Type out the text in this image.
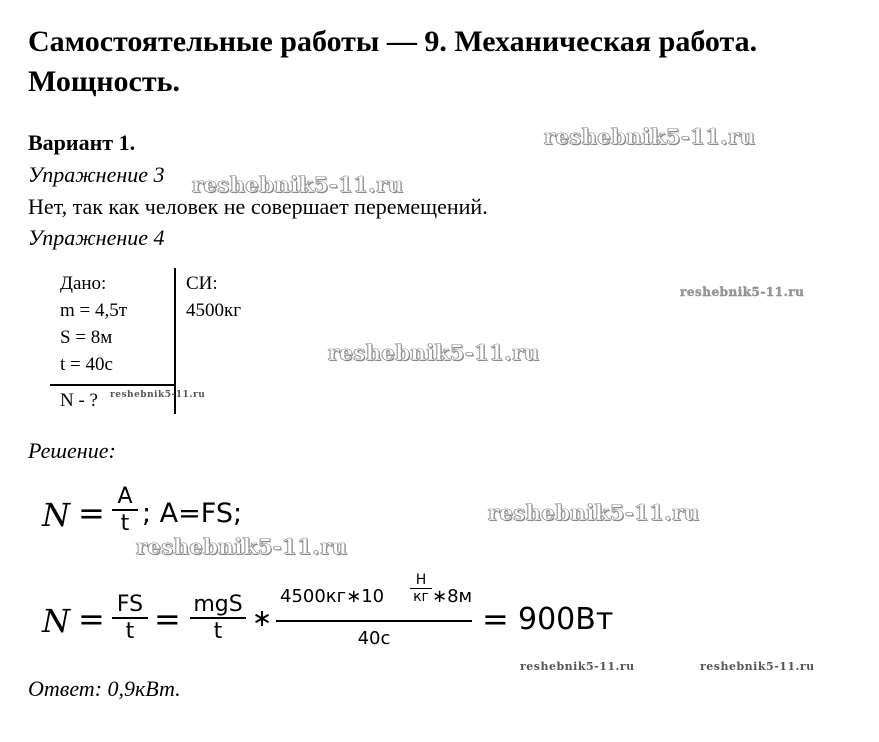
Самостоятельные работы — 9. Механическая работа.
Мощность.
Вариант 1.
Упражнение 3
Нет, так как человек не совершает перемещений.
Упражнение 4
Дано:
m = 4,5т
S = 8м
t = 40с
N - ?
СИ:
4500кг
Решение:
N = A
t ; A=FS;
N = FS
t = mgS
t	∗
4500кг∗10
Н
кг ∗8м
40с
= 900Вт
Ответ: 0,9кВт.
reshebnik5-11.ru
reshebnik5-11.ru
reshebnik5-11.ru
reshebnik5-11.ru
reshebnik5-11.ru
reshebnik5-11.ru
reshebnik5-11.ru
reshebnik5-11.ru	reshebnik5-11.ru
